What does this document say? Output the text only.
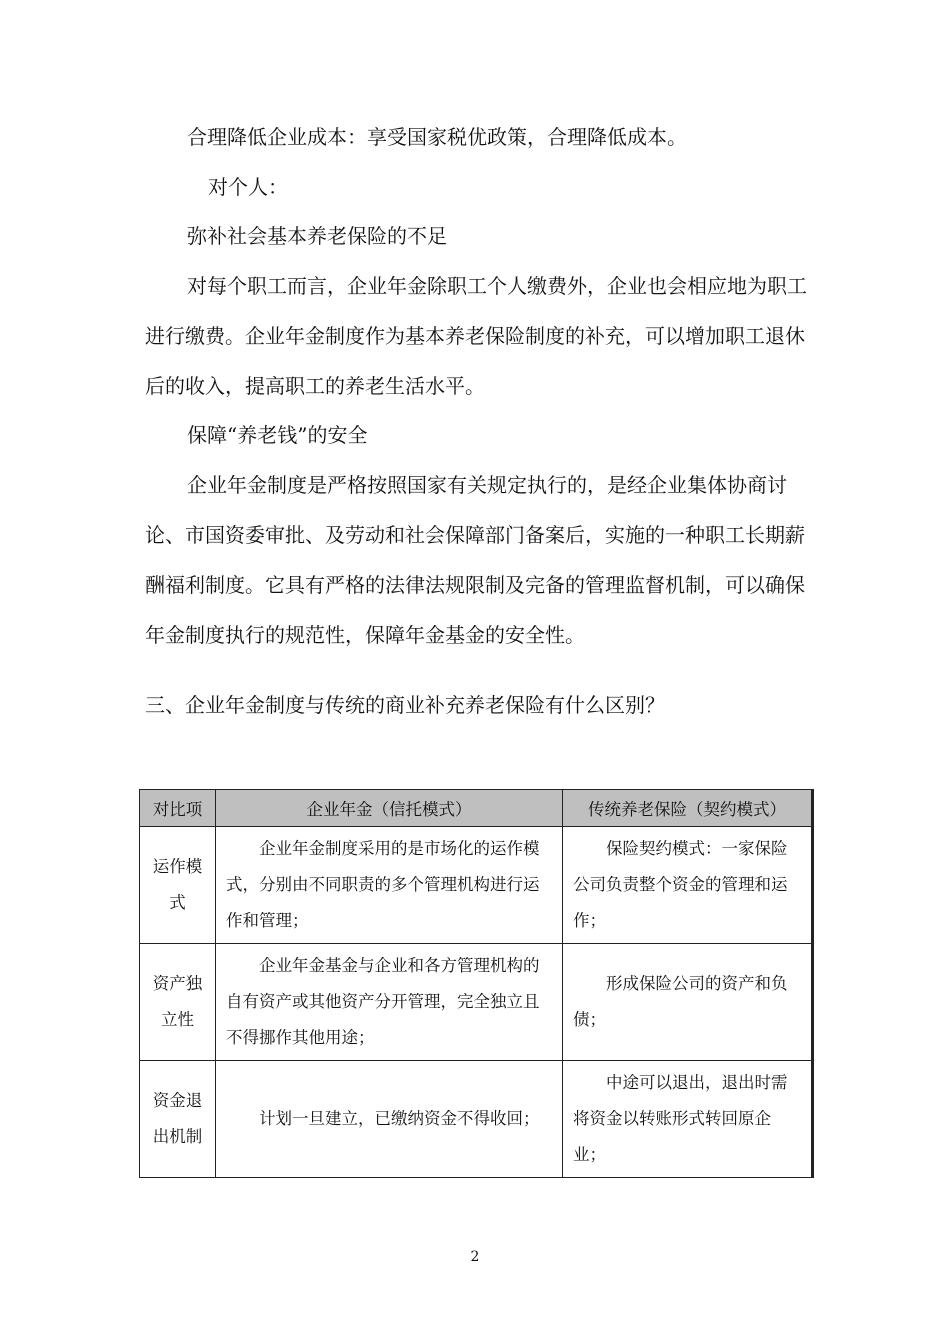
合理降低企业成本：享受国家税优政策，合理降低成本。

对个人：

弥补社会基本养老保险的不足

对每个职工而言，企业年金除职工个人缴费外，企业也会相应地为职工进行缴费。企业年金制度作为基本养老保险制度的补充，可以增加职工退休后的收入，提高职工的养老生活水平。

保障“养老钱”的安全

企业年金制度是严格按照国家有关规定执行的，是经企业集体协商讨论、市国资委审批、及劳动和社会保障部门备案后，实施的一种职工长期薪酬福利制度。它具有严格的法律法规限制及完备的管理监督机制，可以确保年金制度执行的规范性，保障年金基金的安全性。

三、企业年金制度与传统的商业补充养老保险有什么区别？
对比项	企业年金（信托模式）	传统养老保险（契约模式）
运作模式	企业年金制度采用的是市场化的运作模式，分别由不同职责的多个管理机构进行运作和管理；	保险契约模式：一家保险公司负责整个资金的管理和运作；

资产独立性	企业年金基金与企业和各方管理机构的自有资产或其他资产分开管理，完全独立且不得挪作其他用途；	形成保险公司的资产和负债；

资金退出机制	计划一旦建立，已缴纳资金不得收回；	中途可以退出，退出时需将资金以转账形式转回原企业；
2
